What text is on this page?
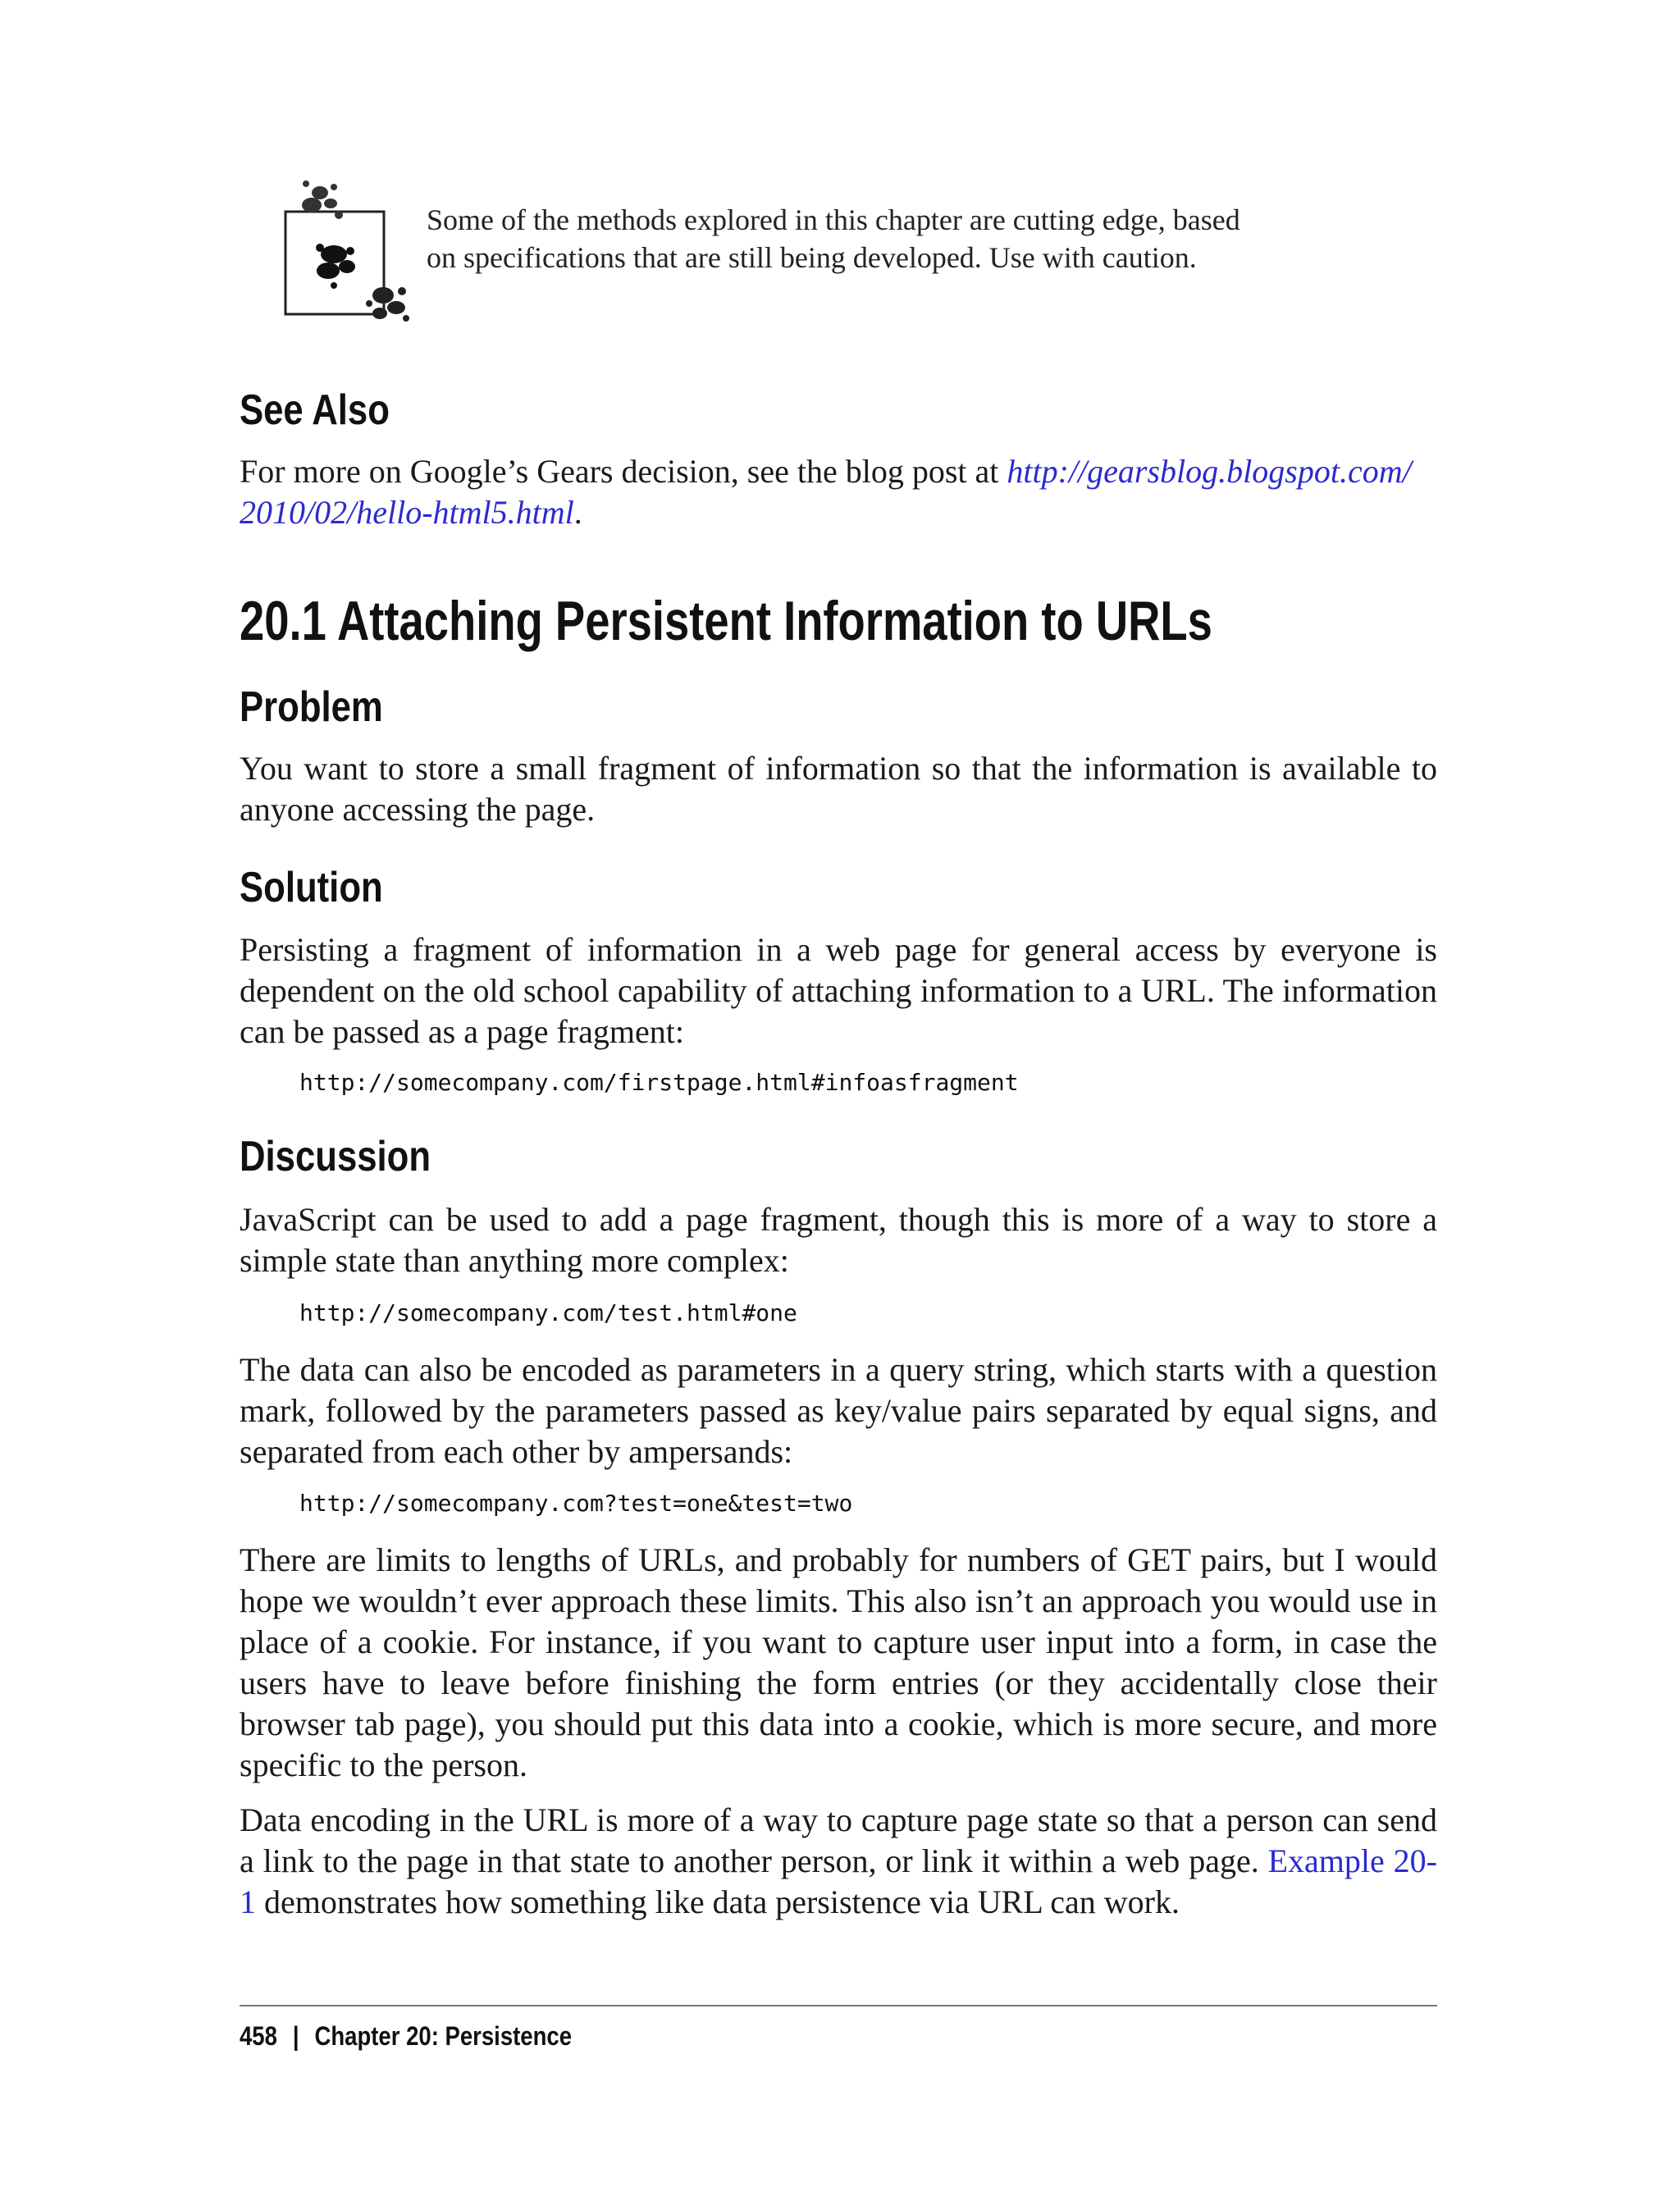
Some of the methods explored in this chapter are cutting edge, based
on specifications that are still being developed. Use with caution.

See Also

For more on Google’s Gears decision, see the blog post at http://gearsblog.blogspot.com/
2010/02/hello-html5.html.

20.1 Attaching Persistent Information to URLs
Problem

You want to store a small fragment of information so that the information is available to anyone accessing the page.

Solution

Persisting a fragment of information in a web page for general access by everyone is dependent on the old school capability of attaching information to a URL. The information can be passed as a page fragment:

http://somecompany.com/firstpage.html#infoasfragment
Discussion

JavaScript can be used to add a page fragment, though this is more of a way to store a simple state than anything more complex:

http://somecompany.com/test.html#one

The data can also be encoded as parameters in a query string, which starts with a question mark, followed by the parameters passed as key/value pairs separated by equal signs, and separated from each other by ampersands:

http://somecompany.com?test=one&test=two

There are limits to lengths of URLs, and probably for numbers of GET pairs, but I would hope we wouldn’t ever approach these limits. This also isn’t an approach you would use in place of a cookie. For instance, if you want to capture user input into a form, in case the users have to leave before finishing the form entries (or they accidentally close their browser tab page), you should put this data into a cookie, which is more secure, and more specific to the person.

Data encoding in the URL is more of a way to capture page state so that a person can send a link to the page in that state to another person, or link it within a web page. Example 20-1 demonstrates how something like data persistence via URL can work.

458 | Chapter 20: Persistence
